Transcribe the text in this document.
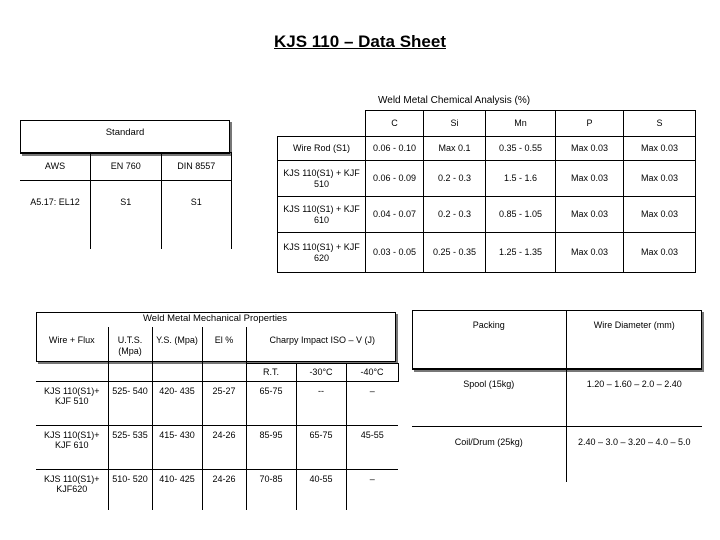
KJS 110 – Data Sheet
Weld Metal Chemical Analysis (%)
	C	Si	Mn	P	S
Wire Rod (S1)	0.06 - 0.10	Max 0.1	0.35 - 0.55	Max 0.03	Max 0.03
KJS 110(S1) + KJF 510	0.06 - 0.09	0.2 - 0.3	1.5 - 1.6	Max 0.03	Max 0.03
KJS 110(S1) + KJF 610	0.04 - 0.07	0.2 - 0.3	0.85 - 1.05	Max 0.03	Max 0.03
KJS 110(S1) + KJF 620	0.03 - 0.05	0.25 - 0.35	1.25 - 1.35	Max 0.03	Max 0.03
Standard
AWS	EN 760	DIN 8557
A5.17: EL12	S1	S1
Weld Metal Mechanical Properties
Wire + Flux	U.T.S. (Mpa)	Y.S. (Mpa)	El %	Charpy Impact ISO – V (J)		
				R.T.	-30°C	-40°C
KJS 110(S1)+ KJF 510	525- 540	420- 435	25-27	65-75	--	–
KJS 110(S1)+ KJF 610	525- 535	415- 430	24-26	85-95	65-75	45-55
KJS 110(S1)+ KJF620	510- 520	410- 425	24-26	70-85	40-55	–
Packing	Wire Diameter (mm)
Spool (15kg)	1.20 – 1.60 – 2.0 – 2.40
Coil/Drum (25kg)	2.40 – 3.0 – 3.20 – 4.0 – 5.0
